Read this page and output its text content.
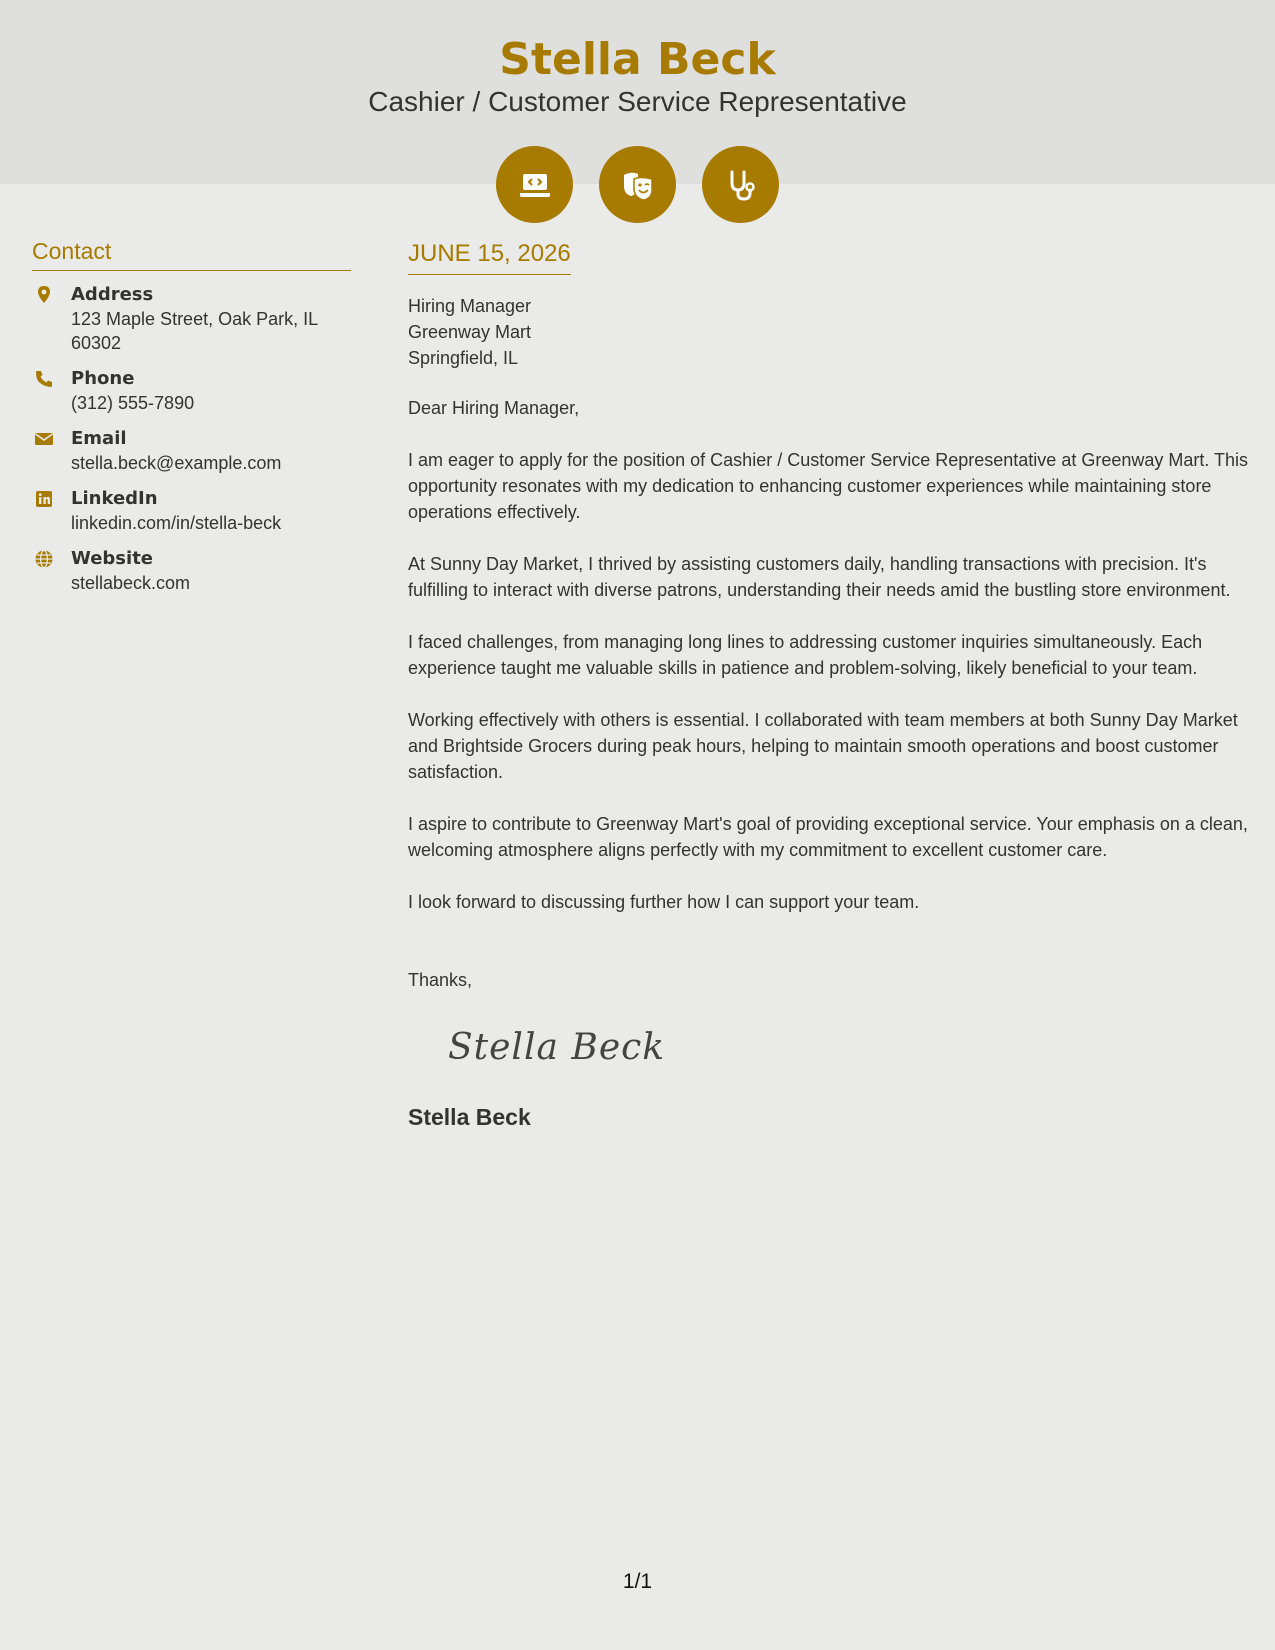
Stella Beck
Cashier / Customer Service Representative
Contact
Address
123 Maple Street, Oak Park, IL 60302
Phone
(312) 555-7890
Email
stella.beck@example.com
LinkedIn
linkedin.com/in/stella-beck
Website
stellabeck.com
JUNE 15, 2026
Hiring Manager
Greenway Mart
Springfield, IL
Dear Hiring Manager,
I am eager to apply for the position of Cashier / Customer Service Representative at Greenway Mart. This opportunity resonates with my dedication to enhancing customer experiences while maintaining store operations effectively.
At Sunny Day Market, I thrived by assisting customers daily, handling transactions with precision. It's fulfilling to interact with diverse patrons, understanding their needs amid the bustling store environment.
I faced challenges, from managing long lines to addressing customer inquiries simultaneously. Each experience taught me valuable skills in patience and problem-solving, likely beneficial to your team.
Working effectively with others is essential. I collaborated with team members at both Sunny Day Market and Brightside Grocers during peak hours, helping to maintain smooth operations and boost customer satisfaction.
I aspire to contribute to Greenway Mart's goal of providing exceptional service. Your emphasis on a clean, welcoming atmosphere aligns perfectly with my commitment to excellent customer care.
I look forward to discussing further how I can support your team.
Thanks,
Stella Beck
Stella Beck
1/1
